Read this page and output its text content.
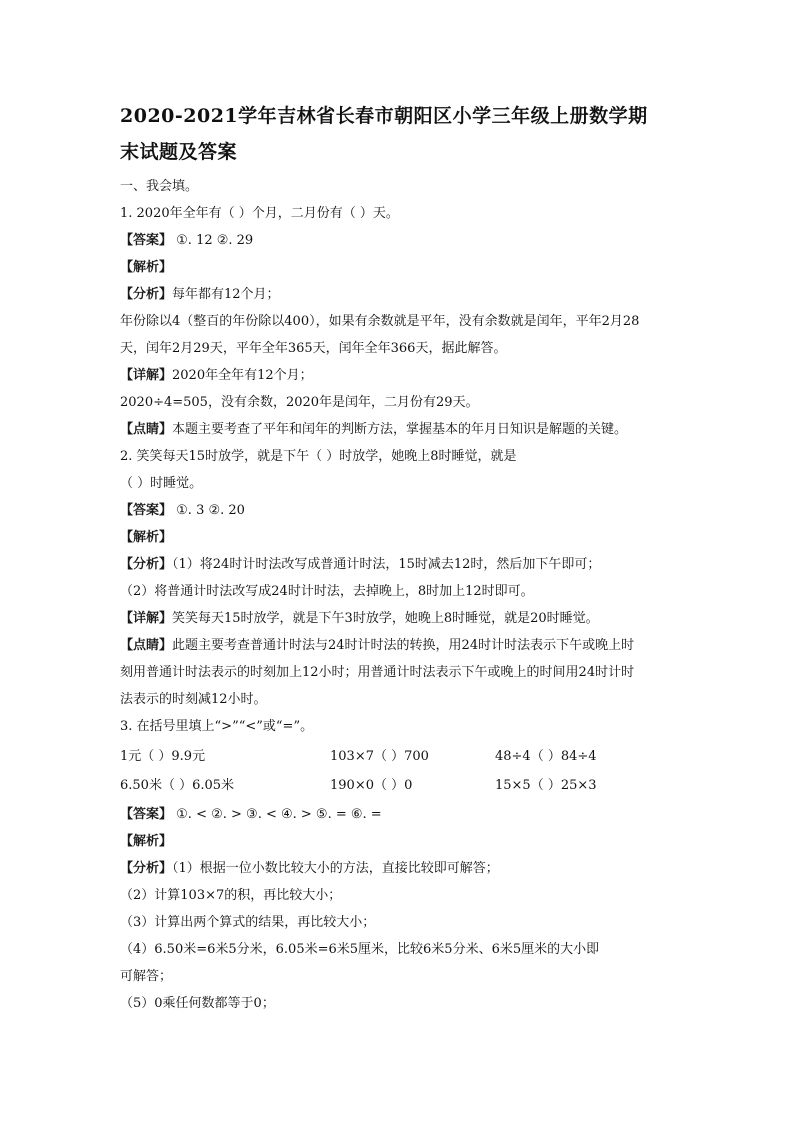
2020-2021学年吉林省长春市朝阳区小学三年级上册数学期
末试题及答案
一、我会填。
1. 2020年全年有（ ）个月，二月份有（ ）天。
【答案】 ①. 12 ②. 29
【解析】
【分析】每年都有12个月；
年份除以4（整百的年份除以400），如果有余数就是平年，没有余数就是闰年，平年2月28
天，闰年2月29天，平年全年365天，闰年全年366天，据此解答。
【详解】2020年全年有12个月；
2020÷4=505，没有余数，2020年是闰年，二月份有29天。
【点睛】本题主要考查了平年和闰年的判断方法，掌握基本的年月日知识是解题的关键。
2. 笑笑每天15时放学，就是下午（ ）时放学，她晚上8时睡觉，就是
（ ）时睡觉。
【答案】 ①. 3 ②. 20
【解析】
【分析】（1）将24时计时法改写成普通计时法，15时减去12时，然后加下午即可；
（2）将普通计时法改写成24时计时法，去掉晚上，8时加上12时即可。
【详解】笑笑每天15时放学，就是下午3时放学，她晚上8时睡觉，就是20时睡觉。
【点睛】此题主要考查普通计时法与24时计时法的转换，用24时计时法表示下午或晚上时
刻用普通计时法表示的时刻加上12小时；用普通计时法表示下午或晚上的时间用24时计时
法表示的时刻减12小时。
3. 在括号里填上“>”“<”或“=”。
1元（ ）9.9元	103×7（ ）700	48÷4（ ）84÷4
6.50米（ ）6.05米	190×0（ ）0	15×5（ ）25×3
【答案】 ①. < ②. > ③. < ④. > ⑤. = ⑥. =
【解析】
【分析】（1）根据一位小数比较大小的方法，直接比较即可解答；
（2）计算103×7的积，再比较大小；
（3）计算出两个算式的结果，再比较大小；
（4）6.50米=6米5分米，6.05米=6米5厘米，比较6米5分米、6米5厘米的大小即
可解答；
（5）0乘任何数都等于0；
